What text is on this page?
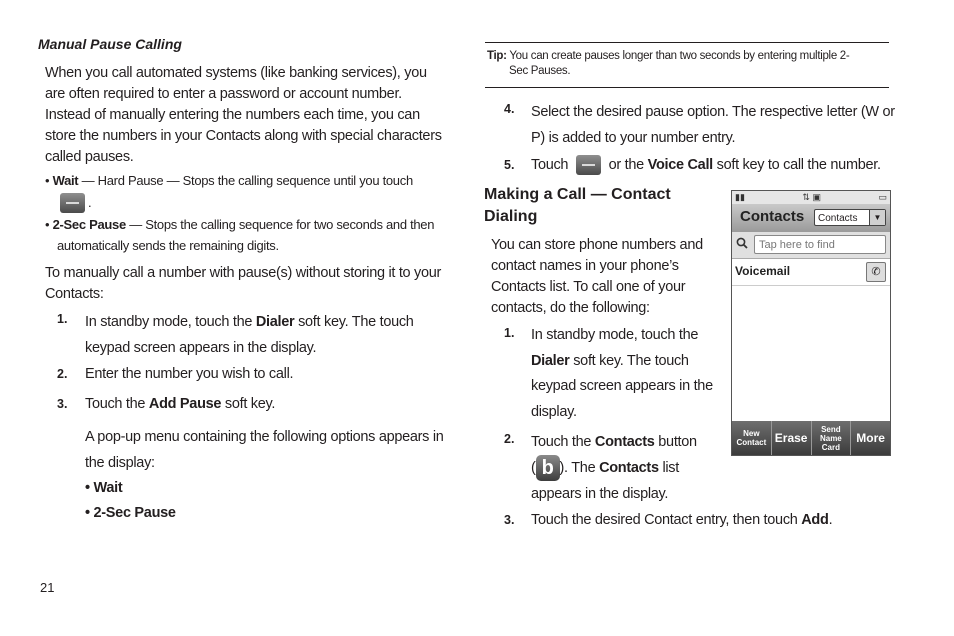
Manual Pause Calling
When you call automated systems (like banking services), you
are often required to enter a password or account number.
Instead of manually entering the numbers each time, you can
store the numbers in your Contacts along with special characters
called pauses.
• Wait — Hard Pause — Stops the calling sequence until you touch
.
• 2-Sec Pause — Stops the calling sequence for two seconds and then
automatically sends the remaining digits.
To manually call a number with pause(s) without storing it to your
Contacts:
1. In standby mode, touch the Dialer soft key. The touch
keypad screen appears in the display.
2. Enter the number you wish to call.
3. Touch the Add Pause soft key.
A pop-up menu containing the following options appears in
the display:
• Wait
• 2-Sec Pause
21
Tip: You can create pauses longer than two seconds by entering multiple 2-
Sec Pauses.
4. Select the desired pause option. The respective letter (W or
P) is added to your number entry.
5. Touch  or the Voice Call soft key to call the number.
Making a Call — Contact
Dialing
You can store phone numbers and
contact names in your phone’s
Contacts list. To call one of your
contacts, do the following:
1. In standby mode, touch the
Dialer soft key. The touch
keypad screen appears in the
display.
2. Touch the Contacts button
( b ). The Contacts list
appears in the display.
3. Touch the desired Contact entry, then touch Add.
▮▮	⇅ ▣	▭
Contacts	Contacts	▼
Tap here to find
Voicemail	✆
New Contact Erase
Send Name Card
More
